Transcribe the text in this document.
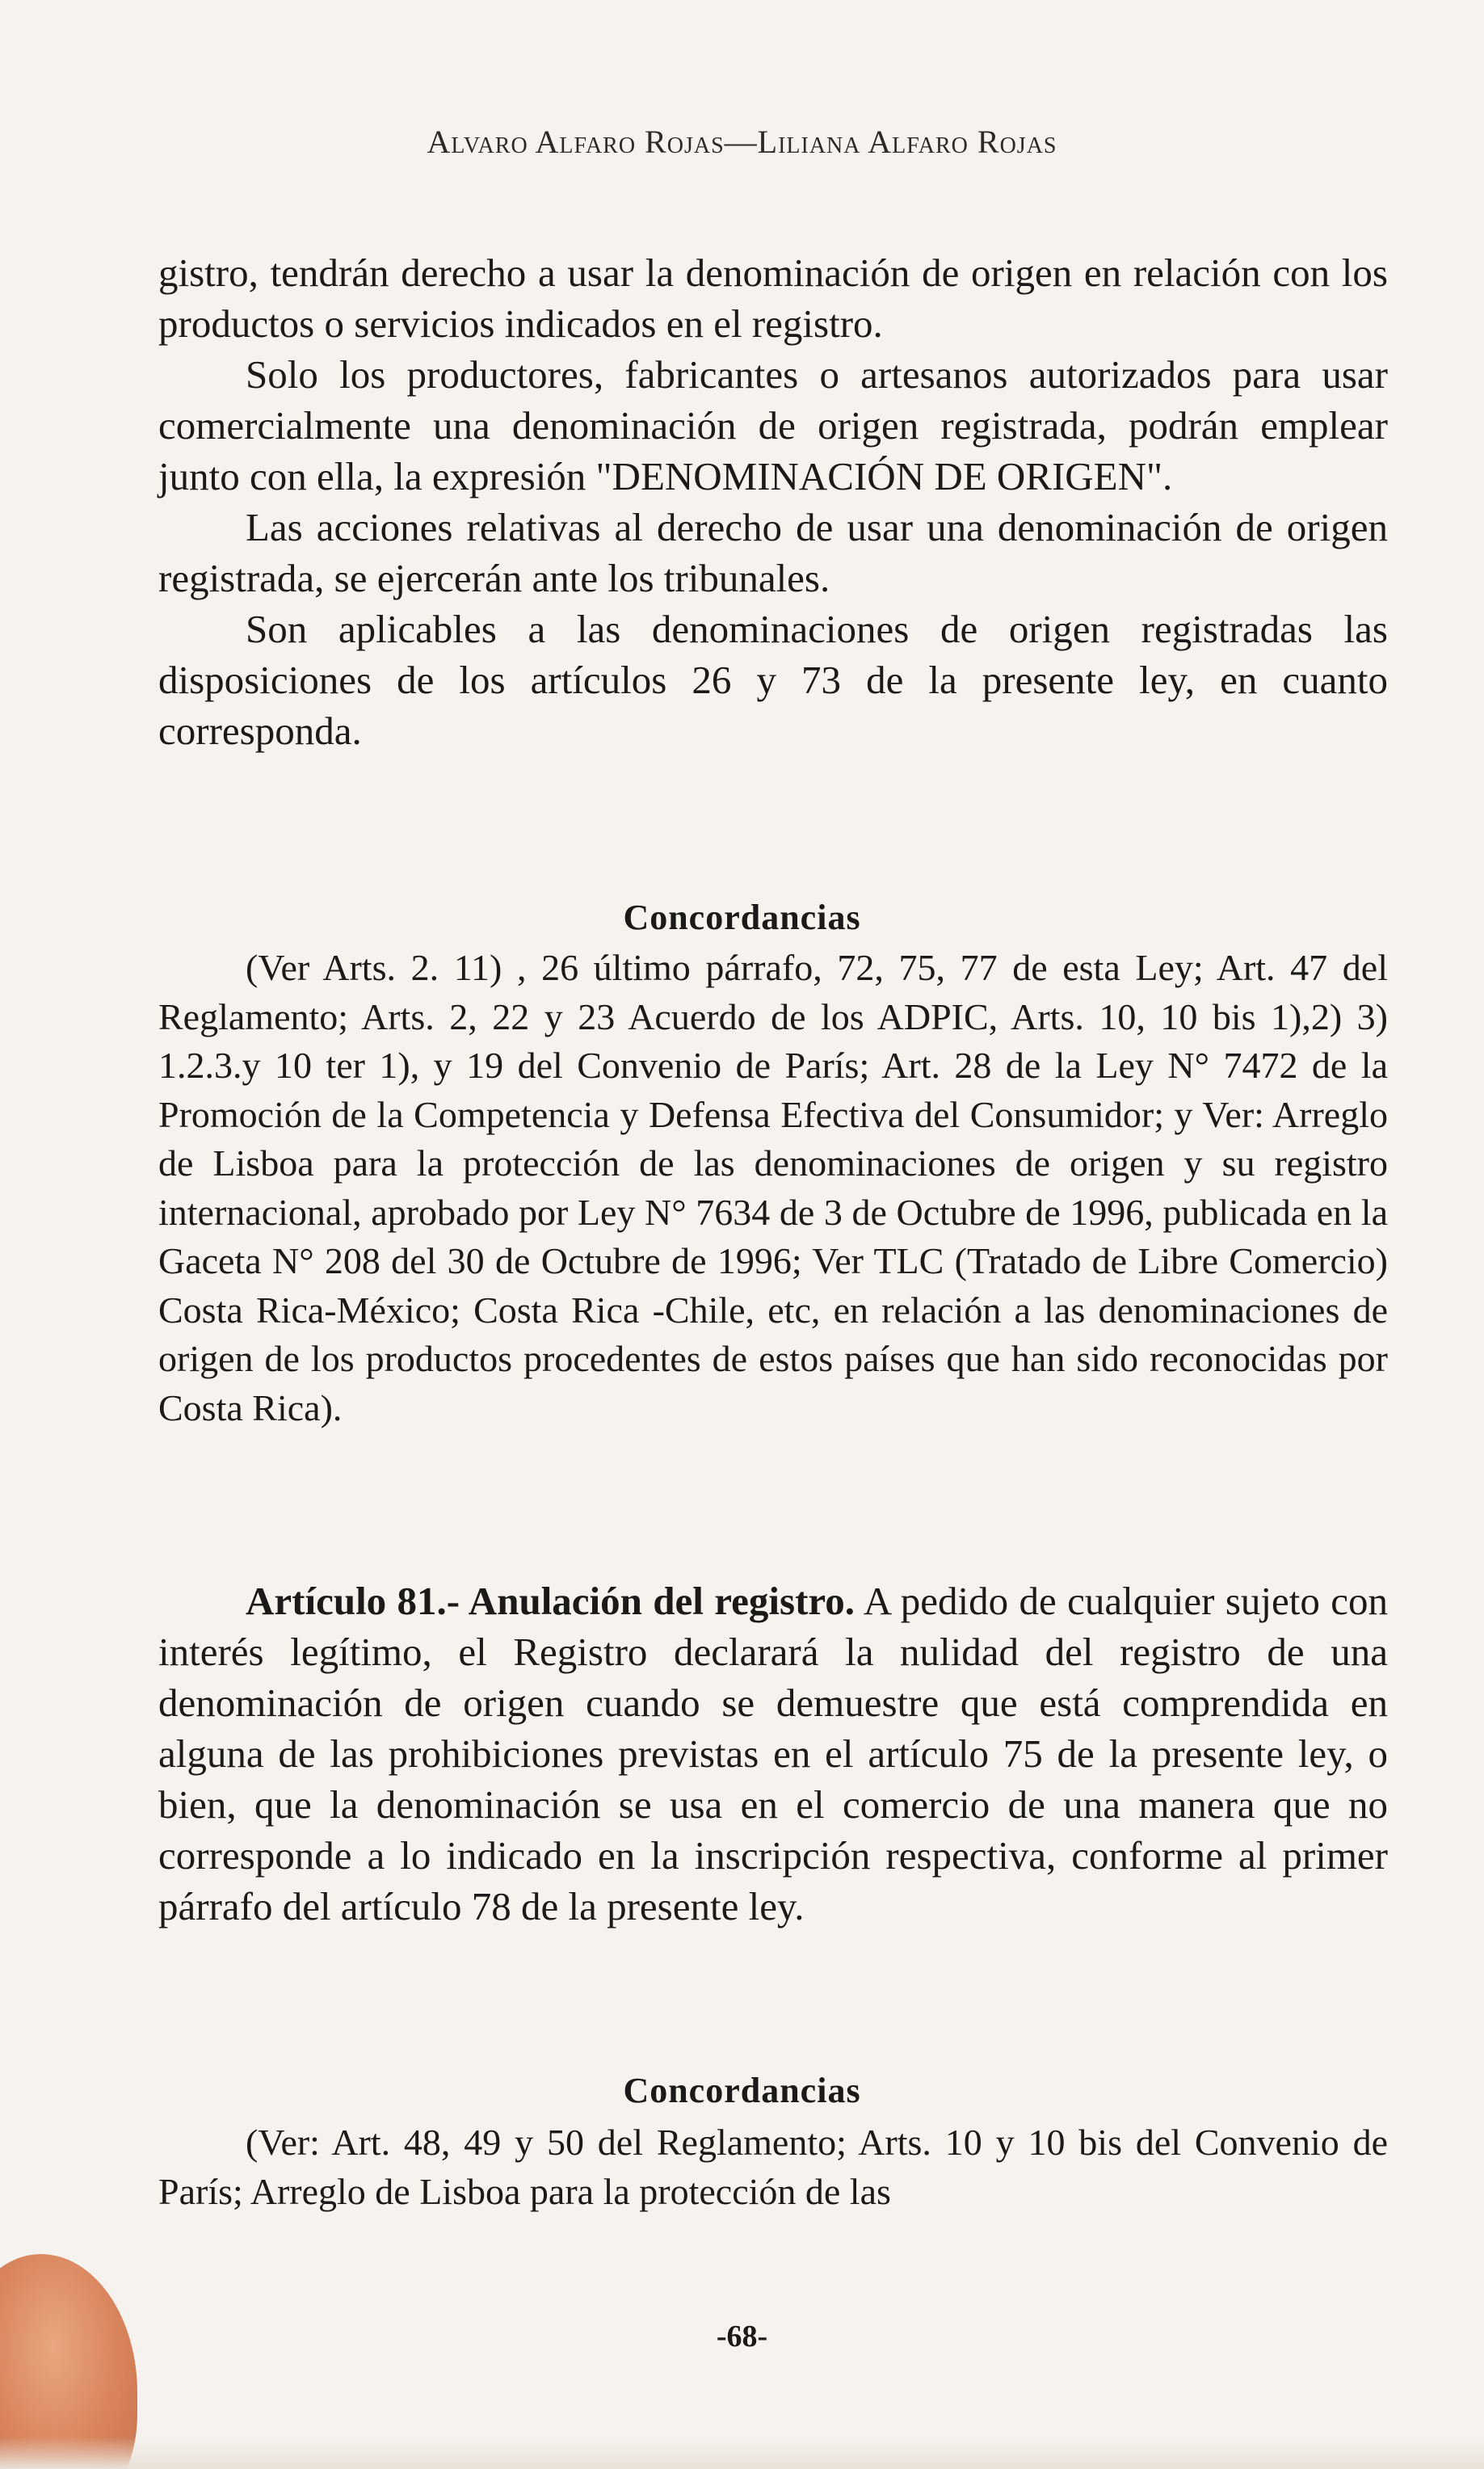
Alvaro Alfaro Rojas—Liliana Alfaro Rojas

gistro, tendrán derecho a usar la denominación de origen en relación con los productos o servicios indicados en el registro.

Solo los productores, fabricantes o artesanos autorizados para usar comercialmente una denominación de origen registrada, podrán emplear junto con ella, la expresión "DENOMINACIÓN DE ORIGEN".

Las acciones relativas al derecho de usar una denominación de origen registrada, se ejercerán ante los tribunales.

Son aplicables a las denominaciones de origen registradas las disposiciones de los artículos 26 y 73 de la presente ley, en cuanto corresponda.

Concordancias

(Ver Arts. 2. 11) , 26 último párrafo, 72, 75, 77 de esta Ley; Art. 47 del Reglamento; Arts. 2, 22 y 23 Acuerdo de los ADPIC, Arts. 10, 10 bis 1),2) 3) 1.2.3.y 10 ter 1), y 19 del Convenio de París; Art. 28 de la Ley N° 7472 de la Promoción de la Competencia y Defensa Efectiva del Consumidor; y Ver: Arreglo de Lisboa para la protección de las denominaciones de origen y su registro internacional, aprobado por Ley N° 7634 de 3 de Octubre de 1996, publicada en la Gaceta N° 208 del 30 de Octubre de 1996; Ver TLC (Tratado de Libre Comercio) Costa Rica-México; Costa Rica -Chile, etc, en relación a las denominaciones de origen de los productos procedentes de estos países que han sido reconocidas por Costa Rica).

Artículo 81.- Anulación del registro. A pedido de cualquier sujeto con interés legítimo, el Registro declarará la nulidad del registro de una denominación de origen cuando se demuestre que está comprendida en alguna de las prohibiciones previstas en el artículo 75 de la presente ley, o bien, que la denominación se usa en el comercio de una manera que no corresponde a lo indicado en la inscripción respectiva, conforme al primer párrafo del artículo 78 de la presente ley.

Concordancias

(Ver: Art. 48, 49 y 50 del Reglamento; Arts. 10 y 10 bis del Convenio de París; Arreglo de Lisboa para la protección de las

-68-
